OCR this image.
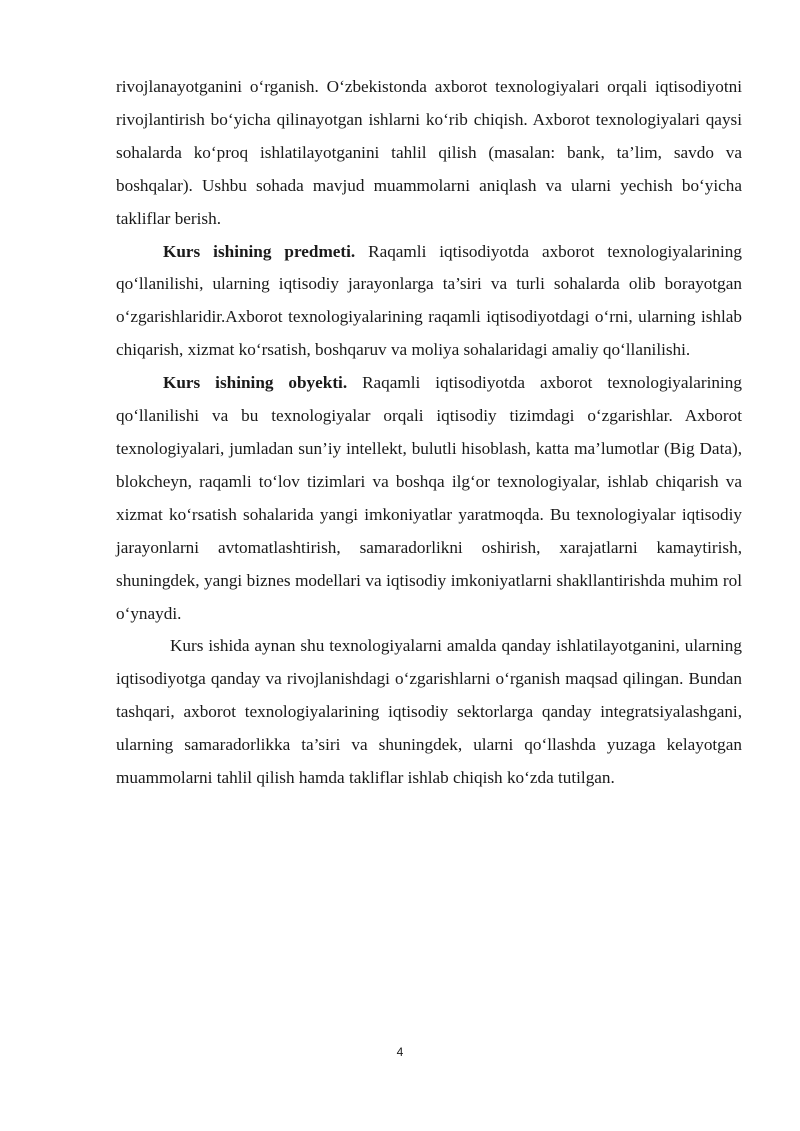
rivojlanayotganini o‘rganish. O‘zbekistonda axborot texnologiyalari orqali iqtisodiyotni rivojlantirish bo‘yicha qilinayotgan ishlarni ko‘rib chiqish. Axborot texnologiyalari qaysi sohalarda ko‘proq ishlatilayotganini tahlil qilish (masalan: bank, ta’lim, savdo va boshqalar). Ushbu sohada mavjud muammolarni aniqlash va ularni yechish bo‘yicha takliflar berish.

Kurs ishining predmeti. Raqamli iqtisodiyotda axborot texnologiyalarining qo‘llanilishi, ularning iqtisodiy jarayonlarga ta’siri va turli sohalarda olib borayotgan o‘zgarishlaridir.Axborot texnologiyalarining raqamli iqtisodiyotdagi o‘rni, ularning ishlab chiqarish, xizmat ko‘rsatish, boshqaruv va moliya sohalaridagi amaliy qo‘llanilishi.

Kurs ishining obyekti. Raqamli iqtisodiyotda axborot texnologiyalarining qo‘llanilishi va bu texnologiyalar orqali iqtisodiy tizimdagi o‘zgarishlar. Axborot texnologiyalari, jumladan sun’iy intellekt, bulutli hisoblash, katta ma’lumotlar (Big Data), blokcheyn, raqamli to‘lov tizimlari va boshqa ilg‘or texnologiyalar, ishlab chiqarish va xizmat ko‘rsatish sohalarida yangi imkoniyatlar yaratmoqda. Bu texnologiyalar iqtisodiy jarayonlarni avtomatlashtirish, samaradorlikni oshirish, xarajatlarni kamaytirish, shuningdek, yangi biznes modellari va iqtisodiy imkoniyatlarni shakllantirishda muhim rol o‘ynaydi.

Kurs ishida aynan shu texnologiyalarni amalda qanday ishlatilayotganini, ularning iqtisodiyotga qanday va rivojlanishdagi o‘zgarishlarni o‘rganish maqsad qilingan. Bundan tashqari, axborot texnologiyalarining iqtisodiy sektorlarga qanday integratsiyalashgani, ularning samaradorlikka ta’siri va shuningdek, ularni qo‘llashda yuzaga kelayotgan muammolarni tahlil qilish hamda takliflar ishlab chiqish ko‘zda tutilgan.

4
